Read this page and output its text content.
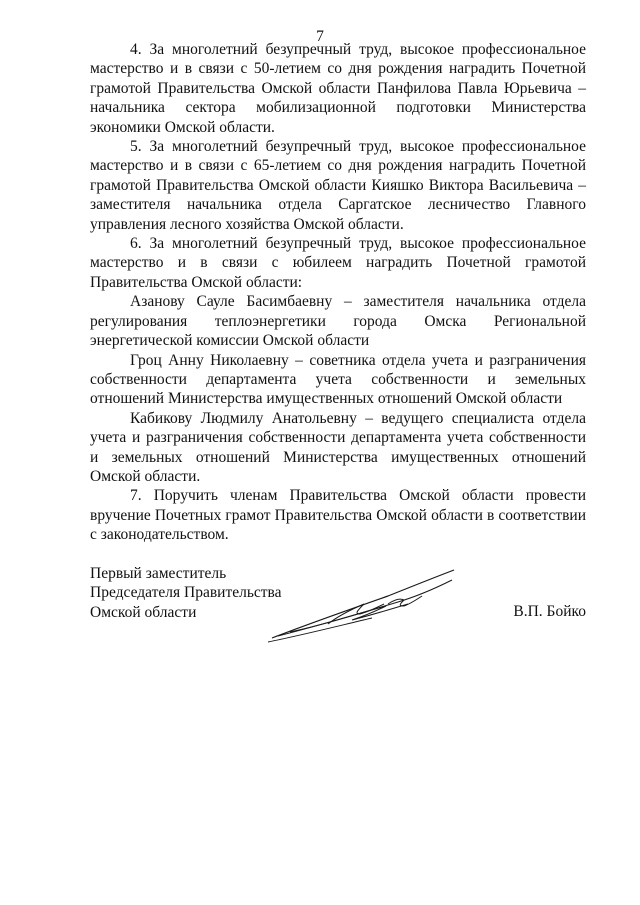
7

4. За многолетний безупречный труд, высокое профессиональное мастерство и в связи с 50-летием со дня рождения наградить Почетной грамотой Правительства Омской области Панфилова Павла Юрьевича – начальника сектора мобилизационной подготовки Министерства экономики Омской области.

5. За многолетний безупречный труд, высокое профессиональное мастерство и в связи с 65-летием со дня рождения наградить Почетной грамотой Правительства Омской области Кияшко Виктора Васильевича – заместителя начальника отдела Саргатское лесничество Главного управления лесного хозяйства Омской области.

6. За многолетний безупречный труд, высокое профессиональное мастерство и в связи с юбилеем наградить Почетной грамотой Правительства Омской области:

Азанову Сауле Басимбаевну – заместителя начальника отдела регулирования теплоэнергетики города Омска Региональной энергетической комиссии Омской области

Гроц Анну Николаевну – советника отдела учета и разграничения собственности департамента учета собственности и земельных отношений Министерства имущественных отношений Омской области

Кабикову Людмилу Анатольевну – ведущего специалиста отдела учета и разграничения собственности департамента учета собственности и земельных отношений Министерства имущественных отношений Омской области.

7. Поручить членам Правительства Омской области провести вручение Почетных грамот Правительства Омской области в соответствии с законодательством.

Первый заместитель
Председателя Правительства
Омской области	В.П. Бойко
